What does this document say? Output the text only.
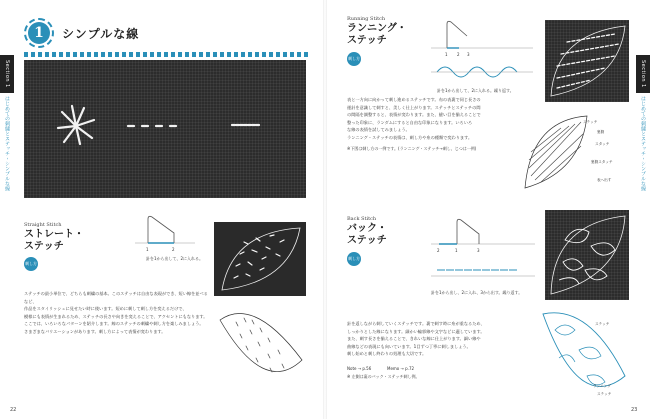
Section 1
はじめての刺繍とステッチ - シンプルな線
1	シンプルな線
Straight Stitch
ストレート・
ステッチ
刺し方
1	2
針を1から出して、2に入れる。
ステッチの最小単位で、どちらも刺繍の基本。このステッチは自由な表現ができ、短い線を並べるなど、
作品をスタイリッシュに見せたい時に使います。短めに刺して刺し方を変えるだけで、
模様にも表情が生まれるため、ステッチの長さや向きを変えることで、アクセントにもなります。
ここでは、いろいろなパターンを紹介します。線のステッチの刺繍や刺し方を楽しみましょう。
さまざまなバリエーションがあります。刺し方によって表情が変わります。
22
Section 1
はじめての刺繍とステッチ - シンプルな線
Running Stitch
ランニング・
ステッチ
刺し方
1 2 3
針を1から出して、2に入れる。繰り返す。
表と一方向に向かって刺し進めるステッチです。布の表裏で同じ長さの
運針を意識して刺すと、美しく仕上がります。ステッチとステッチの間
の間隔を調整すると、表情が変わります。また、縫い目を揃えることで
整った印象に、ランダムにすると自由な印象になります。いろいろ
な線の表情を試してみましょう。
ランニング・ステッチの表情は、刺し方や糸の種類で変わります。
※下図は刺し方の一例です。(ランニング・ステッチ→刺し、じつは一例)
ステッチ
裏側
スタッチ
裏側スタッチ
表へ出す
Back Stitch
バック・
ステッチ
刺し方
2	1	3
針を1から出し、2に入れ、3から出す。繰り返す。
ステッチ
ランニング
ステッチ
針を返しながら刺していくステッチです。裏で刺す時に糸が重なるため、
しっかりとした線になります。細かい輪郭線や文字などに適しています。
また、刺す長さを揃えることで、きれいな線に仕上がります。細い線や
曲線などの表現にも向いています。1目ずつ丁寧に刺しましょう。
刺し始めと刺し終わりの処理も大切です。
Note → p.56	Memo → p.72
※ 左側は裏のバック・ステッチ刺し例。
23
